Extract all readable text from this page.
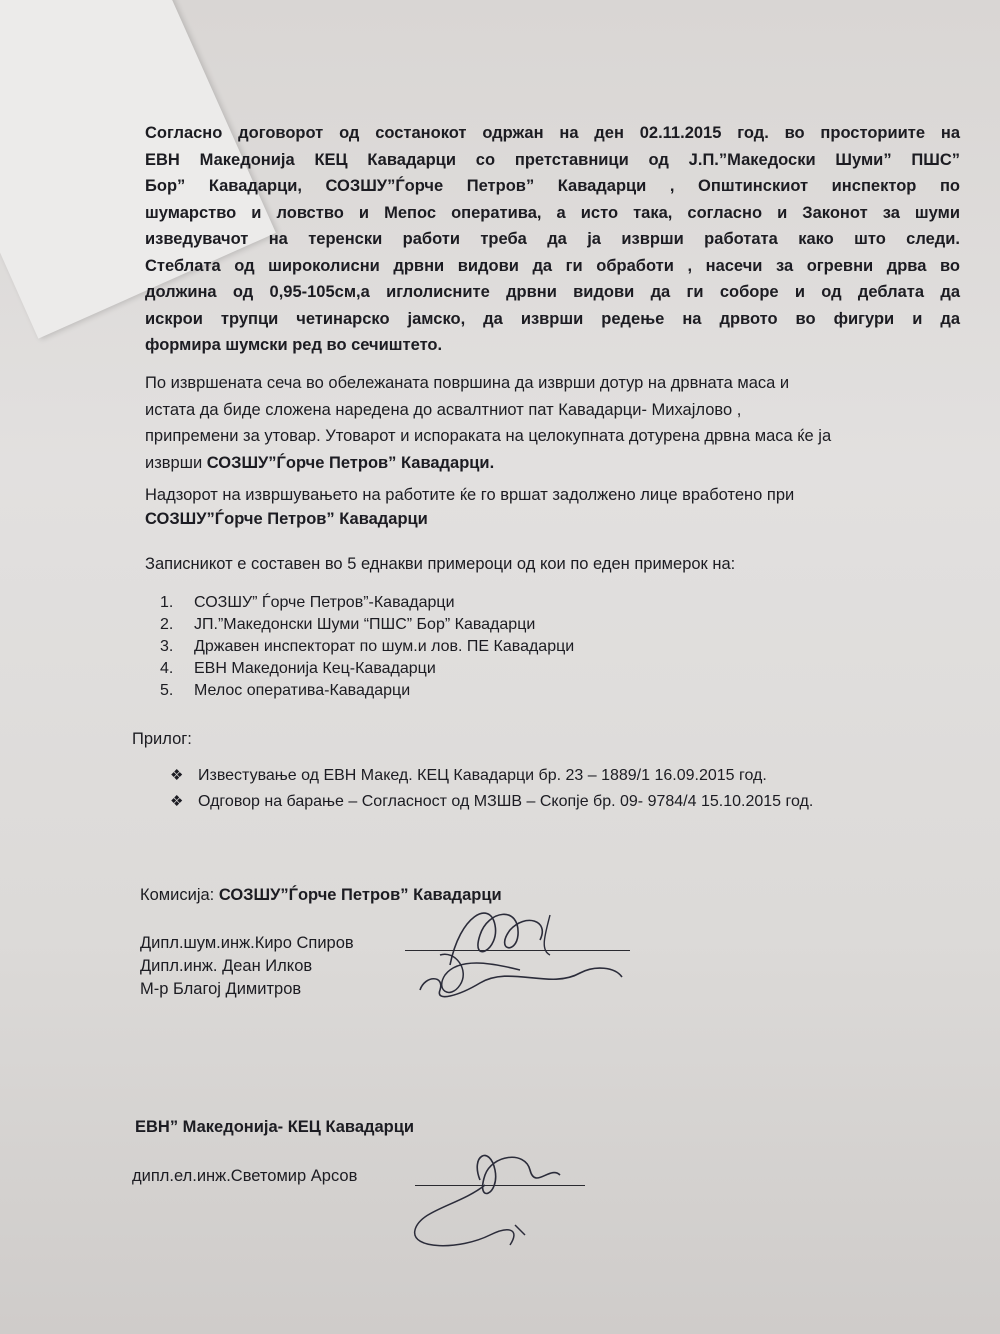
Согласно договорот од состанокот одржан на ден 02.11.2015 год. во просториите на
ЕВН Македонија КЕЦ Кавадарци со претставници од Ј.П.”Македоски Шуми” ПШС”
Бор” Кавадарци, СОЗШУ”Ѓорче Петров” Кавадарци , Општинскиот инспектор по
шумарство и ловство и Мепос оператива, а исто така, согласно и Законот за шуми
изведувачот на теренски работи треба да ја изврши работата како што следи.
Стеблата од широколисни дрвни видови да ги обработи , насечи за огревни дрва во
должина од 0,95-105см,а иглолисните дрвни видови да ги соборе и од деблата да
искрои трупци четинарско јамско, да изврши редење на дрвото во фигури и да
формира шумски ред во сечиштето.
По извршената сеча во обележаната површина да изврши дотур на дрвната маса и
истата да биде сложена наредена до асвалтниот пат Кавадарци- Михајлово ,
припремени за утовар. Утоварот и испораката на целокупната дотурена дрвна маса ќе ја
изврши СОЗШУ”Ѓорче Петров” Кавадарци.
Надзорот на извршувањето на работите ќе го вршат задолжено лице вработено при
СОЗШУ”Ѓорче Петров” Кавадарци
Записникот е составен во 5 еднакви примероци од кои по еден примерок на:
1. СОЗШУ” Ѓорче Петров”-Кавадарци
2. ЈП.”Македонски Шуми “ПШС” Бор” Кавадарци
3. Државен инспекторат по шум.и лов. ПЕ Кавадарци
4. ЕВН Македонија Кец-Кавадарци
5. Мелос оператива-Кавадарци
Прилог:
❖ Известување од ЕВН Макед. КЕЦ Кавадарци бр. 23 – 1889/1 16.09.2015 год.
❖ Одговор на барање – Согласност од МЗШВ – Скопје бр. 09- 9784/4 15.10.2015 год.
Комисија: СОЗШУ”Ѓорче Петров” Кавадарци
Дипл.шум.инж.Киро Спиров
Дипл.инж. Деан Илков
М-р Благој Димитров
ЕВН” Македонија- КЕЦ Кавадарци
дипл.ел.инж.Светомир Арсов
